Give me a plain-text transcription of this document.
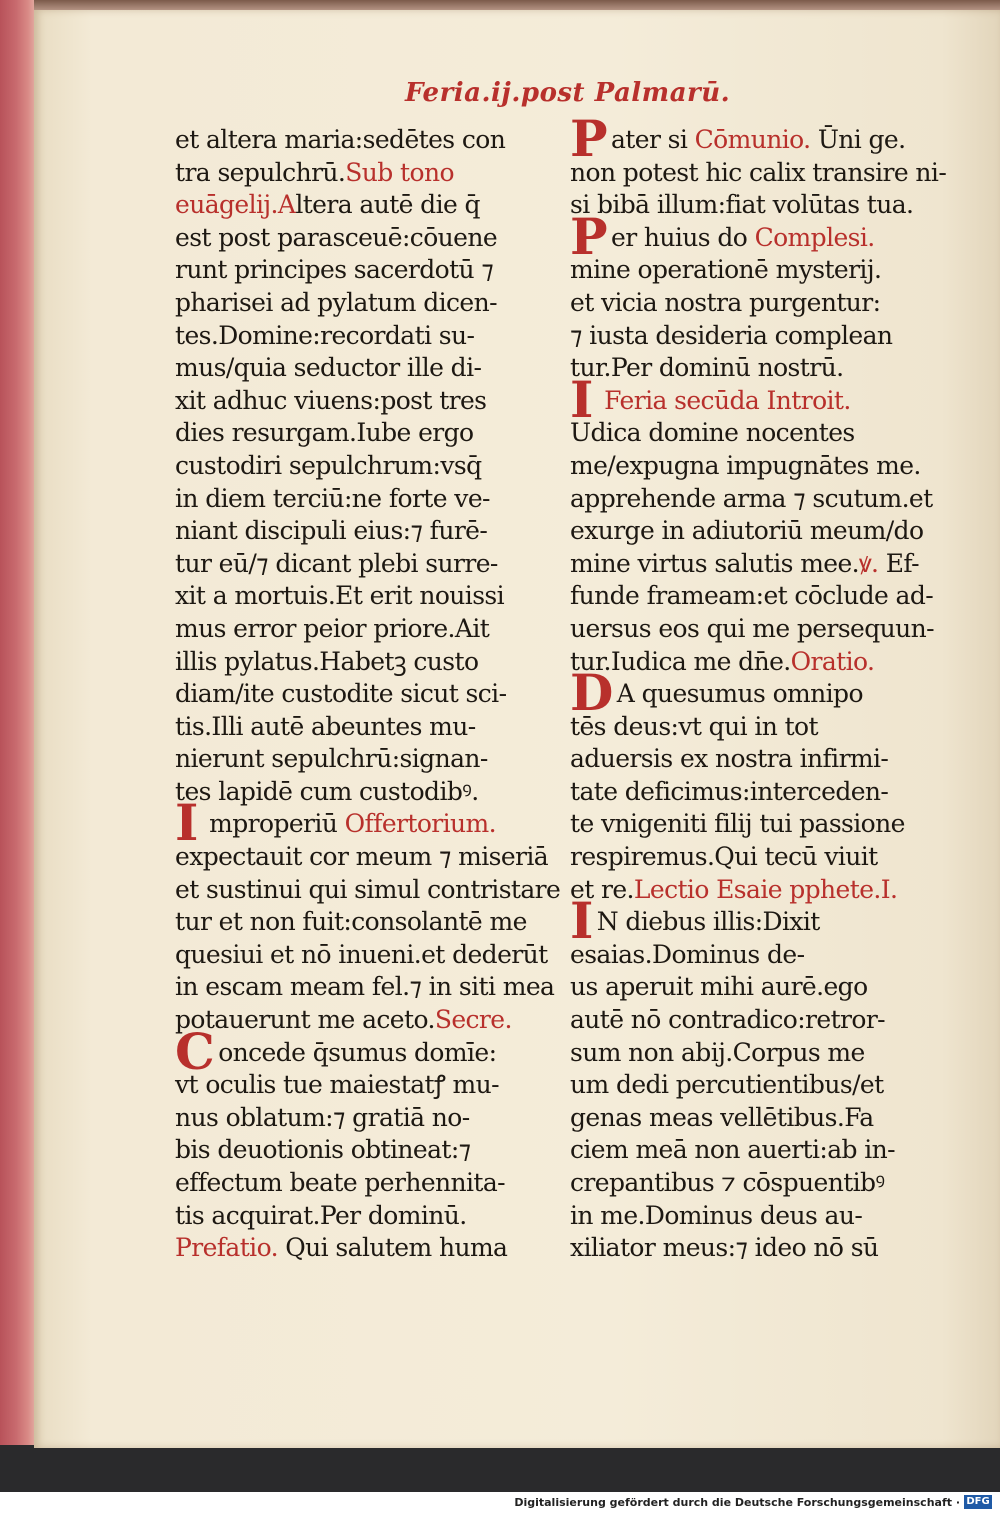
Feria.ij.post Palmarū.
et altera maria:sedētes con
tra sepulchrū.Sub tono
euāgelij.Altera autē die q̄
est post parasceuē:cōuene
runt principes sacerdotū ⁊
pharisei ad pylatum dicen-
tes.Domine:recordati su-
mus/quia seductor ille di-
xit adhuc viuens:post tres
dies resurgam.Iube ergo
custodiri sepulchrum:vsq̄
in diem terciū:ne forte ve-
niant discipuli eius:⁊ furē-
tur eū/⁊ dicant plebi surre-
xit a mortuis.Et erit nouissi
mus error peior priore.Ait
illis pylatus.Habetꝫ custo
diam/ite custodite sicut sci-
tis.Illi autē abeuntes mu-
nierunt sepulchrū:signan-
tes lapidē cum custodibꝰ.
I mproperiū Offertorium.
expectauit cor meum ⁊ miseriā
et sustinui qui simul contristare
tur et non fuit:consolantē me
quesiui et nō inueni.et dederūt
in escam meam fel.⁊ in siti mea
potauerunt me aceto.Secre.
Concede q̄sumus domīe:
vt oculis tue maiestatꝭ mu-
nus oblatum:⁊ gratiā no-
bis deuotionis obtineat:⁊
effectum beate perhennita-
tis acquirat.Per dominū.
Prefatio. Qui salutem huma
Pater si Cōmunio. Ūni ge.
non potest hic calix transire ni-
si bibā illum:fiat volūtas tua.
Per huius do Complesi.
mine operationē mysterij.
et vicia nostra purgentur:
⁊ iusta desideria complean
tur.Per dominū nostrū.
I Feria secūda Introit.
Udica domine nocentes
me/expugna impugnātes me.
apprehende arma ⁊ scutum.et
exurge in adiutoriū meum/do
mine virtus salutis mee.ꝟ. Ef-
funde frameam:et cōclude ad-
uersus eos qui me persequun-
tur.Iudica me dn̄e.Oratio.
D A quesumus omnipo
tēs deus:vt qui in tot
aduersis ex nostra infirmi-
tate deficimus:interceden-
te vnigeniti filij tui passione
respiremus.Qui tecū viuit
et re.Lectio Esaie pphete.I.
I N diebus illis:Dixit
esaias.Dominus de-
us aperuit mihi aurē.ego
autē nō contradico:retror-
sum non abij.Corpus me
um dedi percutientibus/et
genas meas vellētibus.Fa
ciem meā non auerti:ab in-
crepantibus ⁊ cōspuentibꝰ
in me.Dominus deus au-
xiliator meus:⁊ ideo nō sū
Digitalisierung gefördert durch die Deutsche Forschungsgemeinschaft · DFG
